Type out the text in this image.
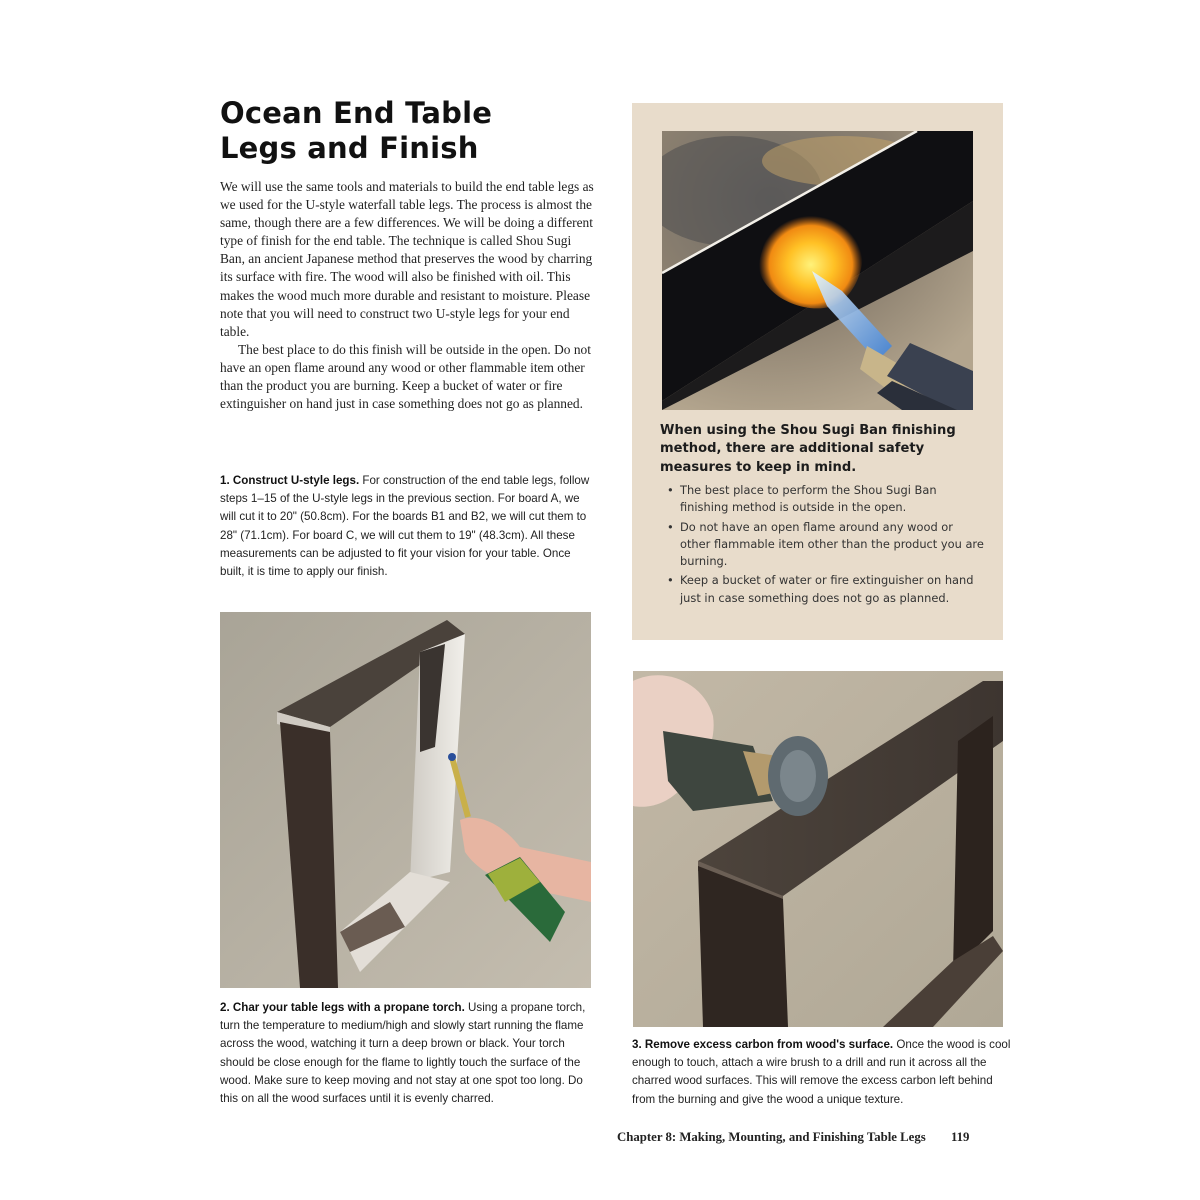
Ocean End Table
Legs and Finish

We will use the same tools and materials to build the end table legs as we used for the U-style waterfall table legs. The process is almost the same, though there are a few differences. We will be doing a different type of finish for the end table. The technique is called Shou Sugi Ban, an ancient Japanese method that preserves the wood by charring its surface with fire. The wood will also be finished with oil. This makes the wood much more durable and resistant to moisture. Please note that you will need to construct two U-style legs for your end table.

The best place to do this finish will be outside in the open. Do not have an open flame around any wood or other flammable item other than the product you are burning. Keep a bucket of water or fire extinguisher on hand just in case something does not go as planned.

1. Construct U-style legs. For construction of the end table legs, follow steps 1–15 of the U-style legs in the previous section. For board A, we will cut it to 20" (50.8cm). For the boards B1 and B2, we will cut them to 28" (71.1cm). For board C, we will cut them to 19" (48.3cm). All these measurements can be adjusted to fit your vision for your table. Once built, it is time to apply our finish.
When using the Shou Sugi Ban finishing method, there are additional safety measures to keep in mind.
• The best place to perform the Shou Sugi Ban finishing method is outside in the open.
• Do not have an open flame around any wood or other flammable item other than the product you are burning.
• Keep a bucket of water or fire extinguisher on hand just in case something does not go as planned.
2. Char your table legs with a propane torch. Using a propane torch, turn the temperature to medium/high and slowly start running the flame across the wood, watching it turn a deep brown or black. Your torch should be close enough for the flame to lightly touch the surface of the wood. Make sure to keep moving and not stay at one spot too long. Do this on all the wood surfaces until it is evenly charred.
3. Remove excess carbon from wood's surface. Once the wood is cool enough to touch, attach a wire brush to a drill and run it across all the charred wood surfaces. This will remove the excess carbon left behind from the burning and give the wood a unique texture.
Chapter 8: Making, Mounting, and Finishing Table Legs 119
